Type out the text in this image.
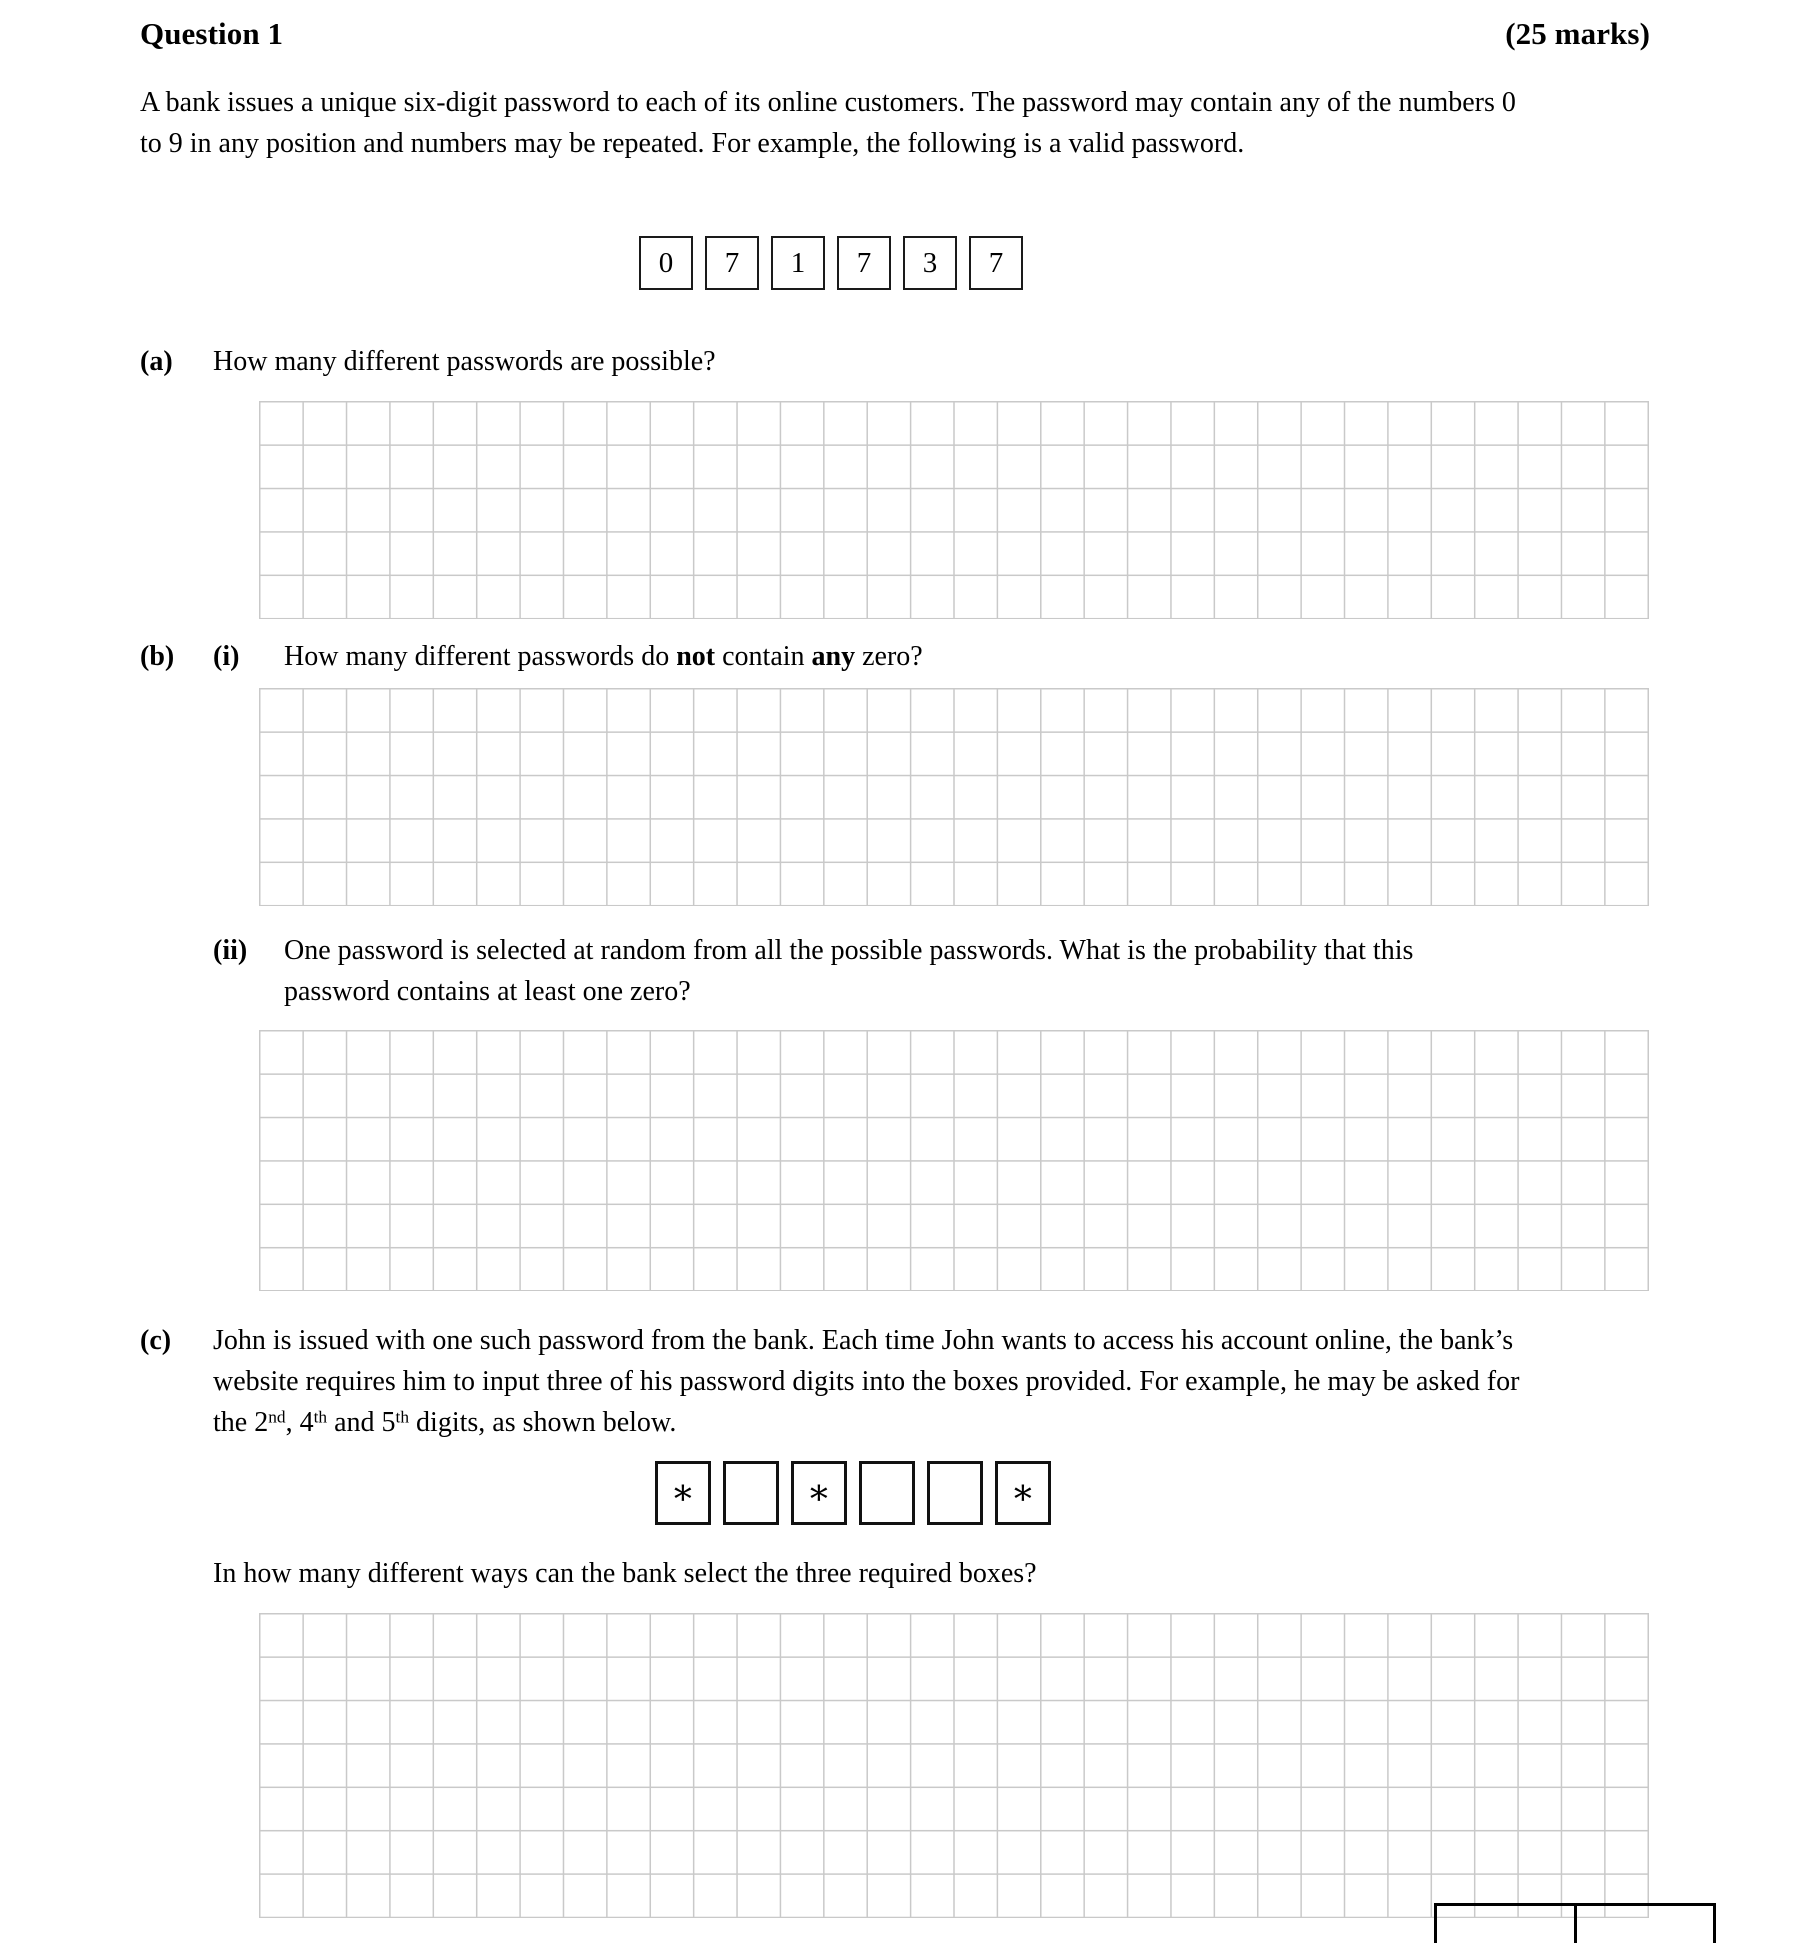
Question 1	(25 marks)
A bank issues a unique six-digit password to each of its online customers. The password may contain any of the numbers 0 to 9 in any position and numbers may be repeated. For example, the following is a valid password.
0	7	1	7	3	7
(a) How many different passwords are possible?
(b) (i) How many different passwords do not contain any zero?
(ii) One password is selected at random from all the possible passwords. What is the probability that this password contains at least one zero?
(c) John is issued with one such password from the bank. Each time John wants to access his account online, the bank’s website requires him to input three of his password digits into the boxes provided. For example, he may be asked for the 2nd, 4th and 5th digits, as shown below.
∗	∗	∗
In how many different ways can the bank select the three required boxes?
